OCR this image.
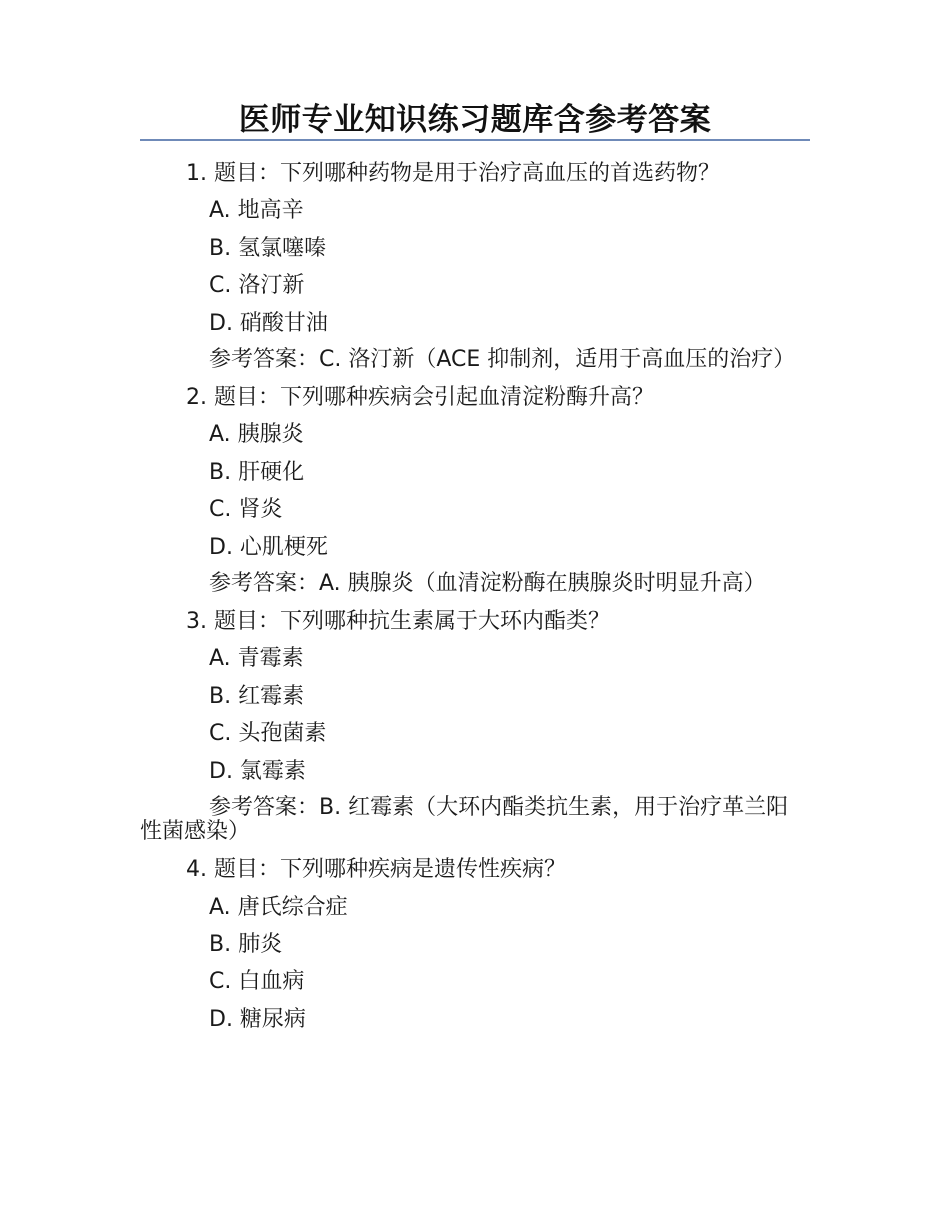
医师专业知识练习题库含参考答案
1. 题目：下列哪种药物是用于治疗高血压的首选药物？
A. 地高辛
B. 氢氯噻嗪
C. 洛汀新
D. 硝酸甘油
参考答案：C. 洛汀新（ACE 抑制剂，适用于高血压的治疗）
2. 题目：下列哪种疾病会引起血清淀粉酶升高？
A. 胰腺炎
B. 肝硬化
C. 肾炎
D. 心肌梗死
参考答案：A. 胰腺炎（血清淀粉酶在胰腺炎时明显升高）
3. 题目：下列哪种抗生素属于大环内酯类？
A. 青霉素
B. 红霉素
C. 头孢菌素
D. 氯霉素
参考答案：B. 红霉素（大环内酯类抗生素，用于治疗革兰阳性菌感染）
4. 题目：下列哪种疾病是遗传性疾病？
A. 唐氏综合症
B. 肺炎
C. 白血病
D. 糖尿病
